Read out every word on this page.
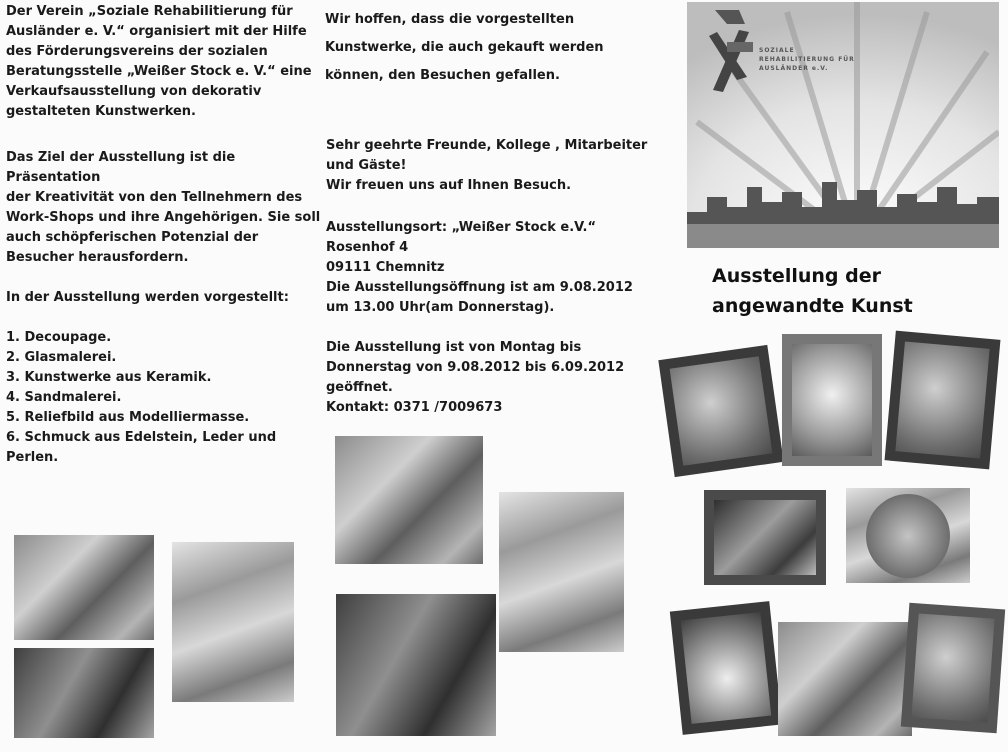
Der Verein „Soziale Rehabilitierung für
Ausländer e. V.“ organisiert mit der Hilfe
des Förderungsvereins der sozialen
Beratungsstelle „Weißer Stock e. V.“ eine
Verkaufsausstellung von dekorativ
gestalteten Kunstwerken.
Das Ziel der Ausstellung ist die
Präsentation
der Kreativität von den Tellnehmern des
Work-Shops und ihre Angehörigen. Sie soll
auch schöpferischen Potenzial der
Besucher herausfordern.
In der Ausstellung werden vorgestellt:
1. Decoupage.
2. Glasmalerei.
3. Kunstwerke aus Keramik.
4. Sandmalerei.
5. Reliefbild aus Modelliermasse.
6. Schmuck aus Edelstein, Leder und
Perlen.
Wir hoffen, dass die vorgestellten
Kunstwerke, die auch gekauft werden
können, den Besuchen gefallen.
Sehr geehrte Freunde, Kollege , Mitarbeiter
und Gäste!
Wir freuen uns auf Ihnen Besuch.
Ausstellungsort: „Weißer Stock e.V.“
Rosenhof 4
09111 Chemnitz
Die Ausstellungsöffnung ist am 9.08.2012
um 13.00 Uhr(am Donnerstag).
Die Ausstellung ist von Montag bis
Donnerstag von 9.08.2012 bis 6.09.2012
geöffnet.
Kontakt: 0371 /7009673
SOZIALE
REHABILITIERUNG FÜR
AUSLÄNDER e.V.
Ausstellung der
angewandte Kunst
